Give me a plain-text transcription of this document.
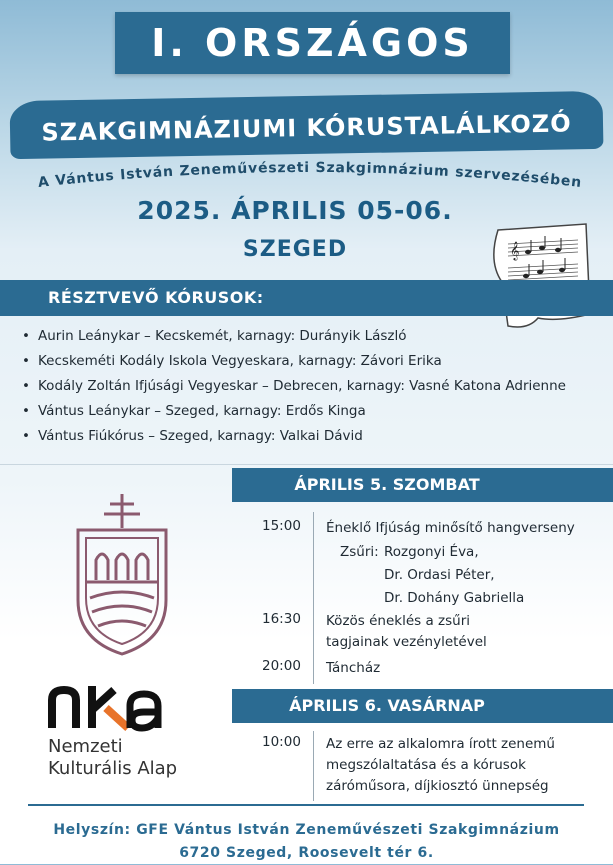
I. ORSZÁGOS
SZAKGIMNÁZIUMI KÓRUSTALÁLKOZÓ
A Vántus István Zeneművészeti Szakgimnázium szervezésében
2025. ÁPRILIS 05-06.
SZEGED	𝄞
RÉSZTVEVŐ KÓRUSOK:
• Aurin Leánykar – Kecskemét, karnagy: Durányik László
• Kecskeméti Kodály Iskola Vegyeskara, karnagy: Závori Erika
• Kodály Zoltán Ifjúsági Vegyeskar – Debrecen, karnagy: Vasné Katona Adrienne
• Vántus Leánykar – Szeged, karnagy: Erdős Kinga
• Vántus Fiúkórus – Szeged, karnagy: Valkai Dávid
Nemzeti
Kulturális Alap
ÁPRILIS 5. SZOMBAT
15:00	Éneklő Ifjúság minősítő hangverseny
Zsűri: Rozgonyi Éva,
Dr. Ordasi Péter,
Dr. Dohány Gabriella
16:30	Közös éneklés a zsűri tagjainak vezényletével
20:00	Táncház
ÁPRILIS 6. VASÁRNAP
10:00	Az erre az alkalomra írott zenemű megszólaltatása és a kórusok záróműsora, díjkiosztó ünnepség
Helyszín: GFE Vántus István Zeneművészeti Szakgimnázium
6720 Szeged, Roosevelt tér 6.
